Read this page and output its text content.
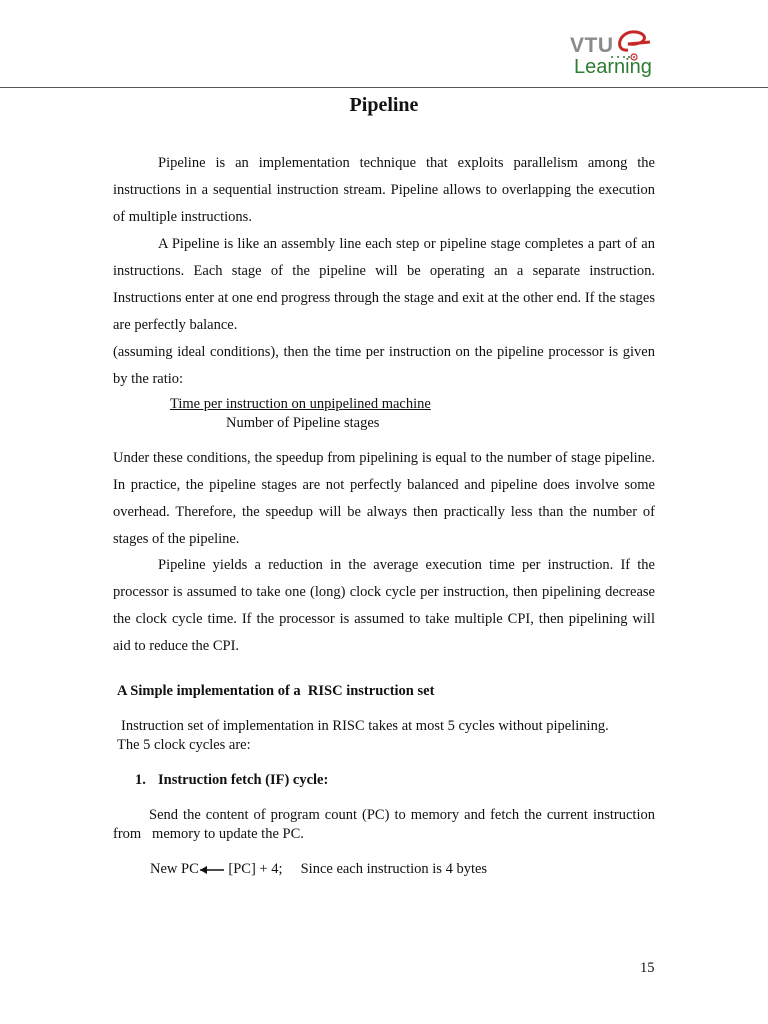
VTU
Learning
Pipeline
Pipeline is an implementation technique that exploits parallelism among the instructions in a sequential instruction stream. Pipeline allows to overlapping the execution of multiple instructions.
A Pipeline is like an assembly line each step or pipeline stage completes a part of an instructions. Each stage of the pipeline will be operating an a separate instruction. Instructions enter at one end progress through the stage and exit at the other end. If the stages are perfectly balance.
(assuming ideal conditions), then the time per instruction on the pipeline processor is given by the ratio:
Time per instruction on unpipelined machine
Number of Pipeline stages
Under these conditions, the speedup from pipelining is equal to the number of stage pipeline. In practice, the pipeline stages are not perfectly balanced and pipeline does involve some overhead. Therefore, the speedup will be always then practically less than the number of stages of the pipeline.
Pipeline yields a reduction in the average execution time per instruction. If the processor is assumed to take one (long) clock cycle per instruction, then pipelining decrease the clock cycle time. If the processor is assumed to take multiple CPI, then pipelining will aid to reduce the CPI.
A Simple implementation of a  RISC instruction set
Instruction set of implementation in RISC takes at most 5 cycles without pipelining.
The 5 clock cycles are:
1. Instruction fetch (IF) cycle:
Send the content of program count (PC) to memory and fetch the current instruction from   memory to update the PC.
New PC [PC] + 4;     Since each instruction is 4 bytes
15
